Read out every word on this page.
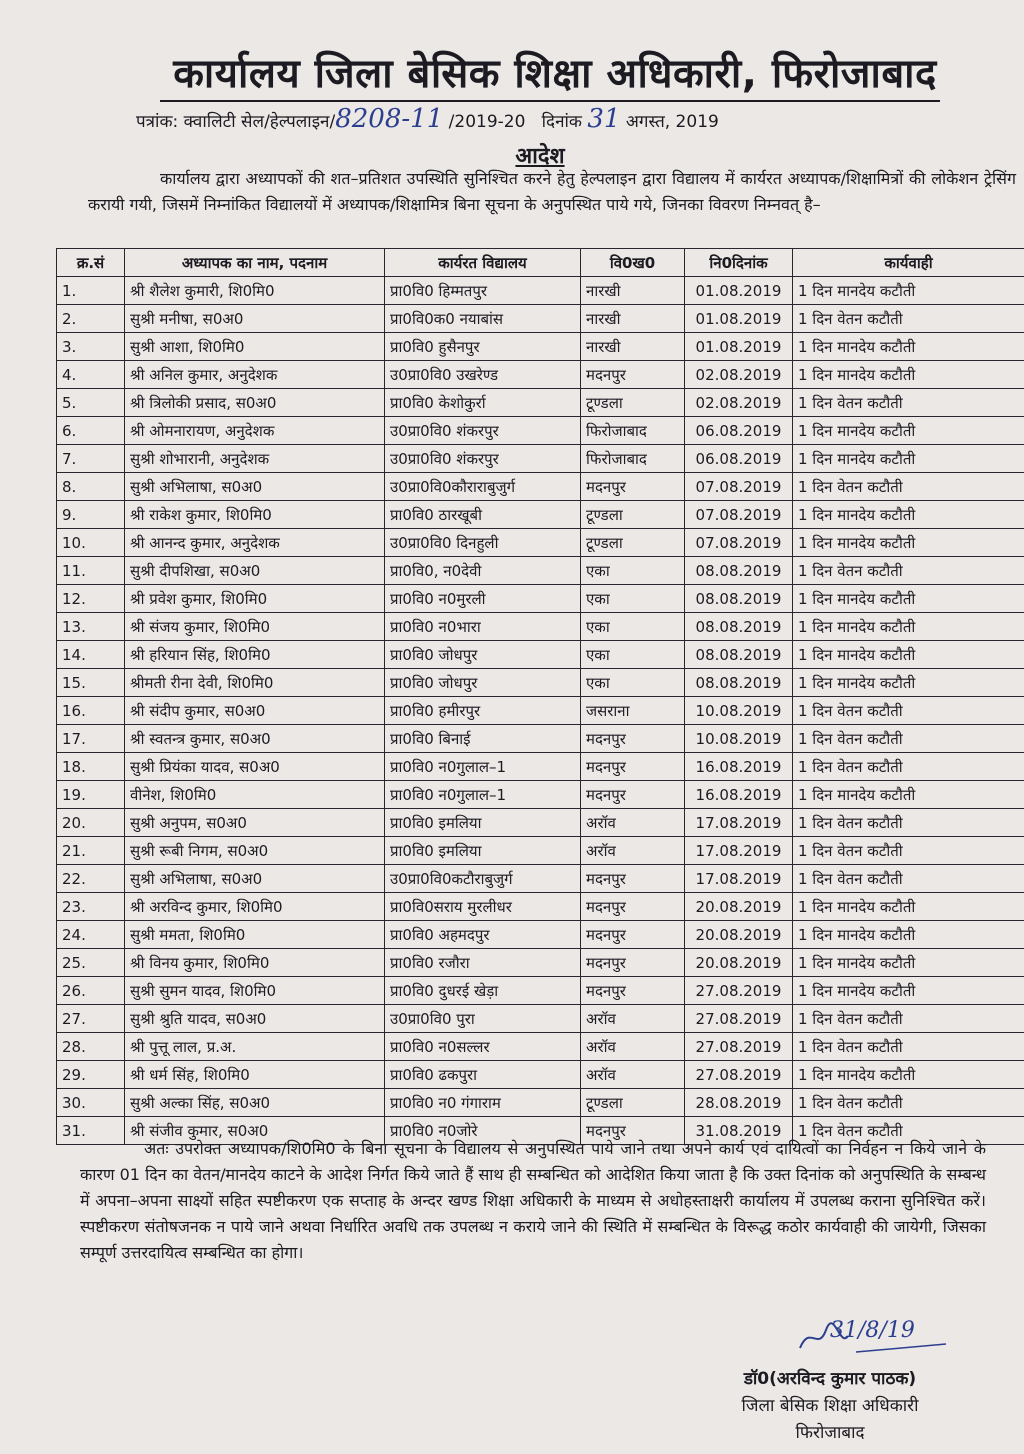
कार्यालय जिला बेसिक शिक्षा अधिकारी, फिरोजाबाद
पत्रांक: क्वालिटी सेल/हेल्पलाइन/8208-11 /2019-20 दिनांक 31 अगस्त, 2019
आदेश
कार्यालय द्वारा अध्यापकों की शत–प्रतिशत उपस्थिति सुनिश्चित करने हेतु हेल्पलाइन द्वारा विद्यालय में कार्यरत अध्यापक/शिक्षामित्रों की लोकेशन ट्रेसिंग करायी गयी, जिसमें निम्नांकित विद्यालयों में अध्यापक/शिक्षामित्र बिना सूचना के अनुपस्थित पाये गये, जिनका विवरण निम्नवत् है–
क्र.सं	अध्यापक का नाम, पदनाम	कार्यरत विद्यालय	वि0ख0	नि0दिनांक	कार्यवाही
1.	श्री शैलेश कुमारी, शि0मि0	प्रा0वि0 हिम्मतपुर	नारखी	01.08.2019	1 दिन मानदेय कटौती
2.	सुश्री मनीषा, स0अ0	प्रा0वि0क0 नयाबांस	नारखी	01.08.2019	1 दिन वेतन कटौती
3.	सुश्री आशा, शि0मि0	प्रा0वि0 हुसैनपुर	नारखी	01.08.2019	1 दिन मानदेय कटौती
4.	श्री अनिल कुमार, अनुदेशक	उ0प्रा0वि0 उखरेण्ड	मदनपुर	02.08.2019	1 दिन मानदेय कटौती
5.	श्री त्रिलोकी प्रसाद, स0अ0	प्रा0वि0 केशोकुर्रा	टूण्डला	02.08.2019	1 दिन वेतन कटौती
6.	श्री ओमनारायण, अनुदेशक	उ0प्रा0वि0 शंकरपुर	फिरोजाबाद	06.08.2019	1 दिन मानदेय कटौती
7.	सुश्री शोभारानी, अनुदेशक	उ0प्रा0वि0 शंकरपुर	फिरोजाबाद	06.08.2019	1 दिन मानदेय कटौती
8.	सुश्री अभिलाषा, स0अ0	उ0प्रा0वि0कौराराबुजुर्ग	मदनपुर	07.08.2019	1 दिन वेतन कटौती
9.	श्री राकेश कुमार, शि0मि0	प्रा0वि0 ठारखूबी	टूण्डला	07.08.2019	1 दिन मानदेय कटौती
10.	श्री आनन्द कुमार, अनुदेशक	उ0प्रा0वि0 दिनहुली	टूण्डला	07.08.2019	1 दिन मानदेय कटौती
11.	सुश्री दीपशिखा, स0अ0	प्रा0वि0, न0देवी	एका	08.08.2019	1 दिन वेतन कटौती
12.	श्री प्रवेश कुमार, शि0मि0	प्रा0वि0 न0मुरली	एका	08.08.2019	1 दिन मानदेय कटौती
13.	श्री संजय कुमार, शि0मि0	प्रा0वि0 न0भारा	एका	08.08.2019	1 दिन मानदेय कटौती
14.	श्री हरियान सिंह, शि0मि0	प्रा0वि0 जोधपुर	एका	08.08.2019	1 दिन मानदेय कटौती
15.	श्रीमती रीना देवी, शि0मि0	प्रा0वि0 जोधपुर	एका	08.08.2019	1 दिन मानदेय कटौती
16.	श्री संदीप कुमार, स0अ0	प्रा0वि0 हमीरपुर	जसराना	10.08.2019	1 दिन वेतन कटौती
17.	श्री स्वतन्त्र कुमार, स0अ0	प्रा0वि0 बिनाई	मदनपुर	10.08.2019	1 दिन वेतन कटौती
18.	सुश्री प्रियंका यादव, स0अ0	प्रा0वि0 न0गुलाल–1	मदनपुर	16.08.2019	1 दिन वेतन कटौती
19.	वीनेश, शि0मि0	प्रा0वि0 न0गुलाल–1	मदनपुर	16.08.2019	1 दिन मानदेय कटौती
20.	सुश्री अनुपम, स0अ0	प्रा0वि0 इमलिया	अरॉव	17.08.2019	1 दिन वेतन कटौती
21.	सुश्री रूबी निगम, स0अ0	प्रा0वि0 इमलिया	अरॉव	17.08.2019	1 दिन वेतन कटौती
22.	सुश्री अभिलाषा, स0अ0	उ0प्रा0वि0कटौराबुजुर्ग	मदनपुर	17.08.2019	1 दिन वेतन कटौती
23.	श्री अरविन्द कुमार, शि0मि0	प्रा0वि0सराय मुरलीधर	मदनपुर	20.08.2019	1 दिन मानदेय कटौती
24.	सुश्री ममता, शि0मि0	प्रा0वि0 अहमदपुर	मदनपुर	20.08.2019	1 दिन मानदेय कटौती
25.	श्री विनय कुमार, शि0मि0	प्रा0वि0 रजौरा	मदनपुर	20.08.2019	1 दिन मानदेय कटौती
26.	सुश्री सुमन यादव, शि0मि0	प्रा0वि0 दुधरई खेड़ा	मदनपुर	27.08.2019	1 दिन मानदेय कटौती
27.	सुश्री श्रुति यादव, स0अ0	उ0प्रा0वि0 पुरा	अरॉव	27.08.2019	1 दिन वेतन कटौती
28.	श्री पुत्तू लाल, प्र.अ.	प्रा0वि0 न0सल्लर	अरॉव	27.08.2019	1 दिन वेतन कटौती
29.	श्री धर्म सिंह, शि0मि0	प्रा0वि0 ढकपुरा	अरॉव	27.08.2019	1 दिन मानदेय कटौती
30.	सुश्री अल्का सिंह, स0अ0	प्रा0वि0 न0 गंगाराम	टूण्डला	28.08.2019	1 दिन वेतन कटौती
31.	श्री संजीव कुमार, स0अ0	प्रा0वि0 न0जोरे	मदनपुर	31.08.2019	1 दिन वेतन कटौती
अतः उपरोक्त अध्यापक/शि0मि0 के बिना सूचना के विद्यालय से अनुपस्थित पाये जाने तथा अपने कार्य एवं दायित्वों का निर्वहन न किये जाने के कारण 01 दिन का वेतन/मानदेय काटने के आदेश निर्गत किये जाते हैं साथ ही सम्बन्धित को आदेशित किया जाता है कि उक्त दिनांक को अनुपस्थिति के सम्बन्ध में अपना–अपना साक्ष्यों सहित स्पष्टीकरण एक सप्ताह के अन्दर खण्ड शिक्षा अधिकारी के माध्यम से अधोहस्ताक्षरी कार्यालय में उपलब्ध कराना सुनिश्चित करें। स्पष्टीकरण संतोषजनक न पाये जाने अथवा निर्धारित अवधि तक उपलब्ध न कराये जाने की स्थिति में सम्बन्धित के विरूद्ध कठोर कार्यवाही की जायेगी, जिसका सम्पूर्ण उत्तरदायित्व सम्बन्धित का होगा।
31/8/19
डॉ0(अरविन्द कुमार पाठक)
जिला बेसिक शिक्षा अधिकारी
फिरोजाबाद
